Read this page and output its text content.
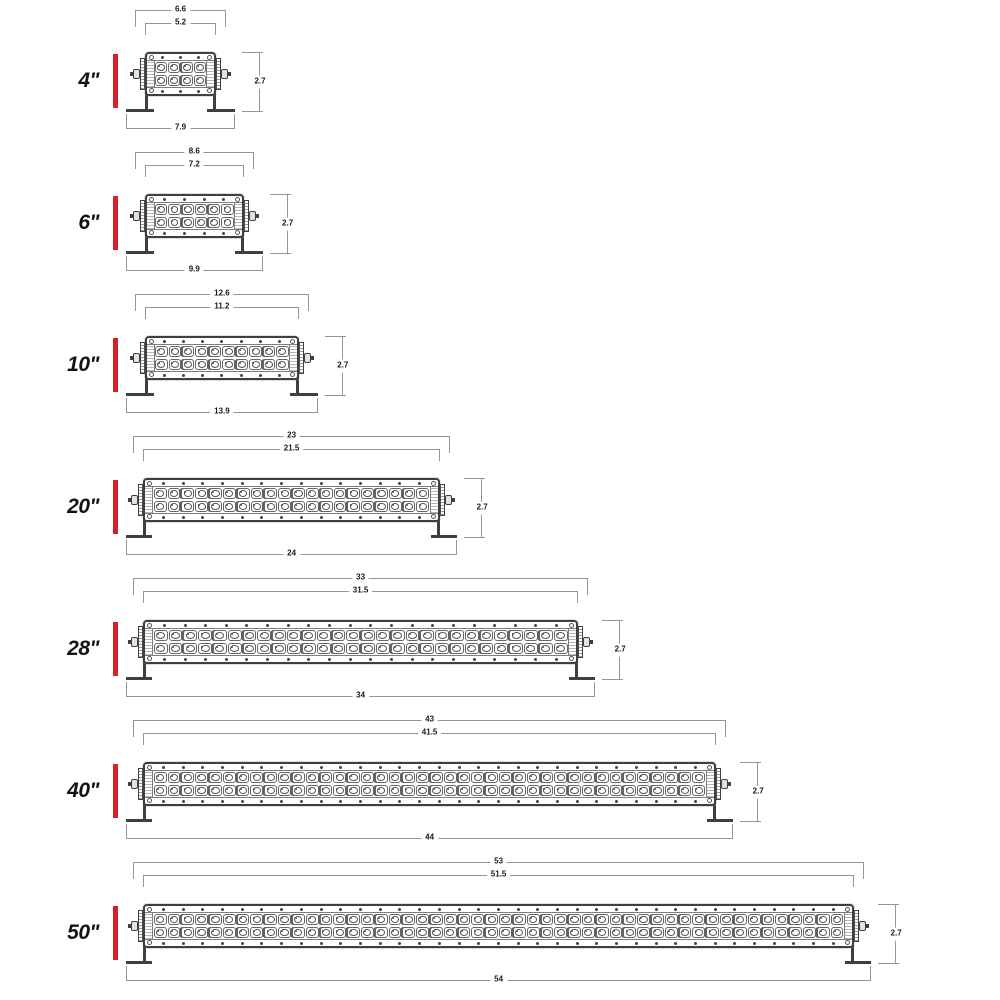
4"
6.6
5.2
2.7
7.9
6"
8.6
7.2
2.7
9.9
10"
12.6
11.2
2.7
13.9
20"
23
21.5
2.7
24
28"
33
31.5
2.7
34
40"
43
41.5
2.7
44
50"
53
51.5
2.7
54
